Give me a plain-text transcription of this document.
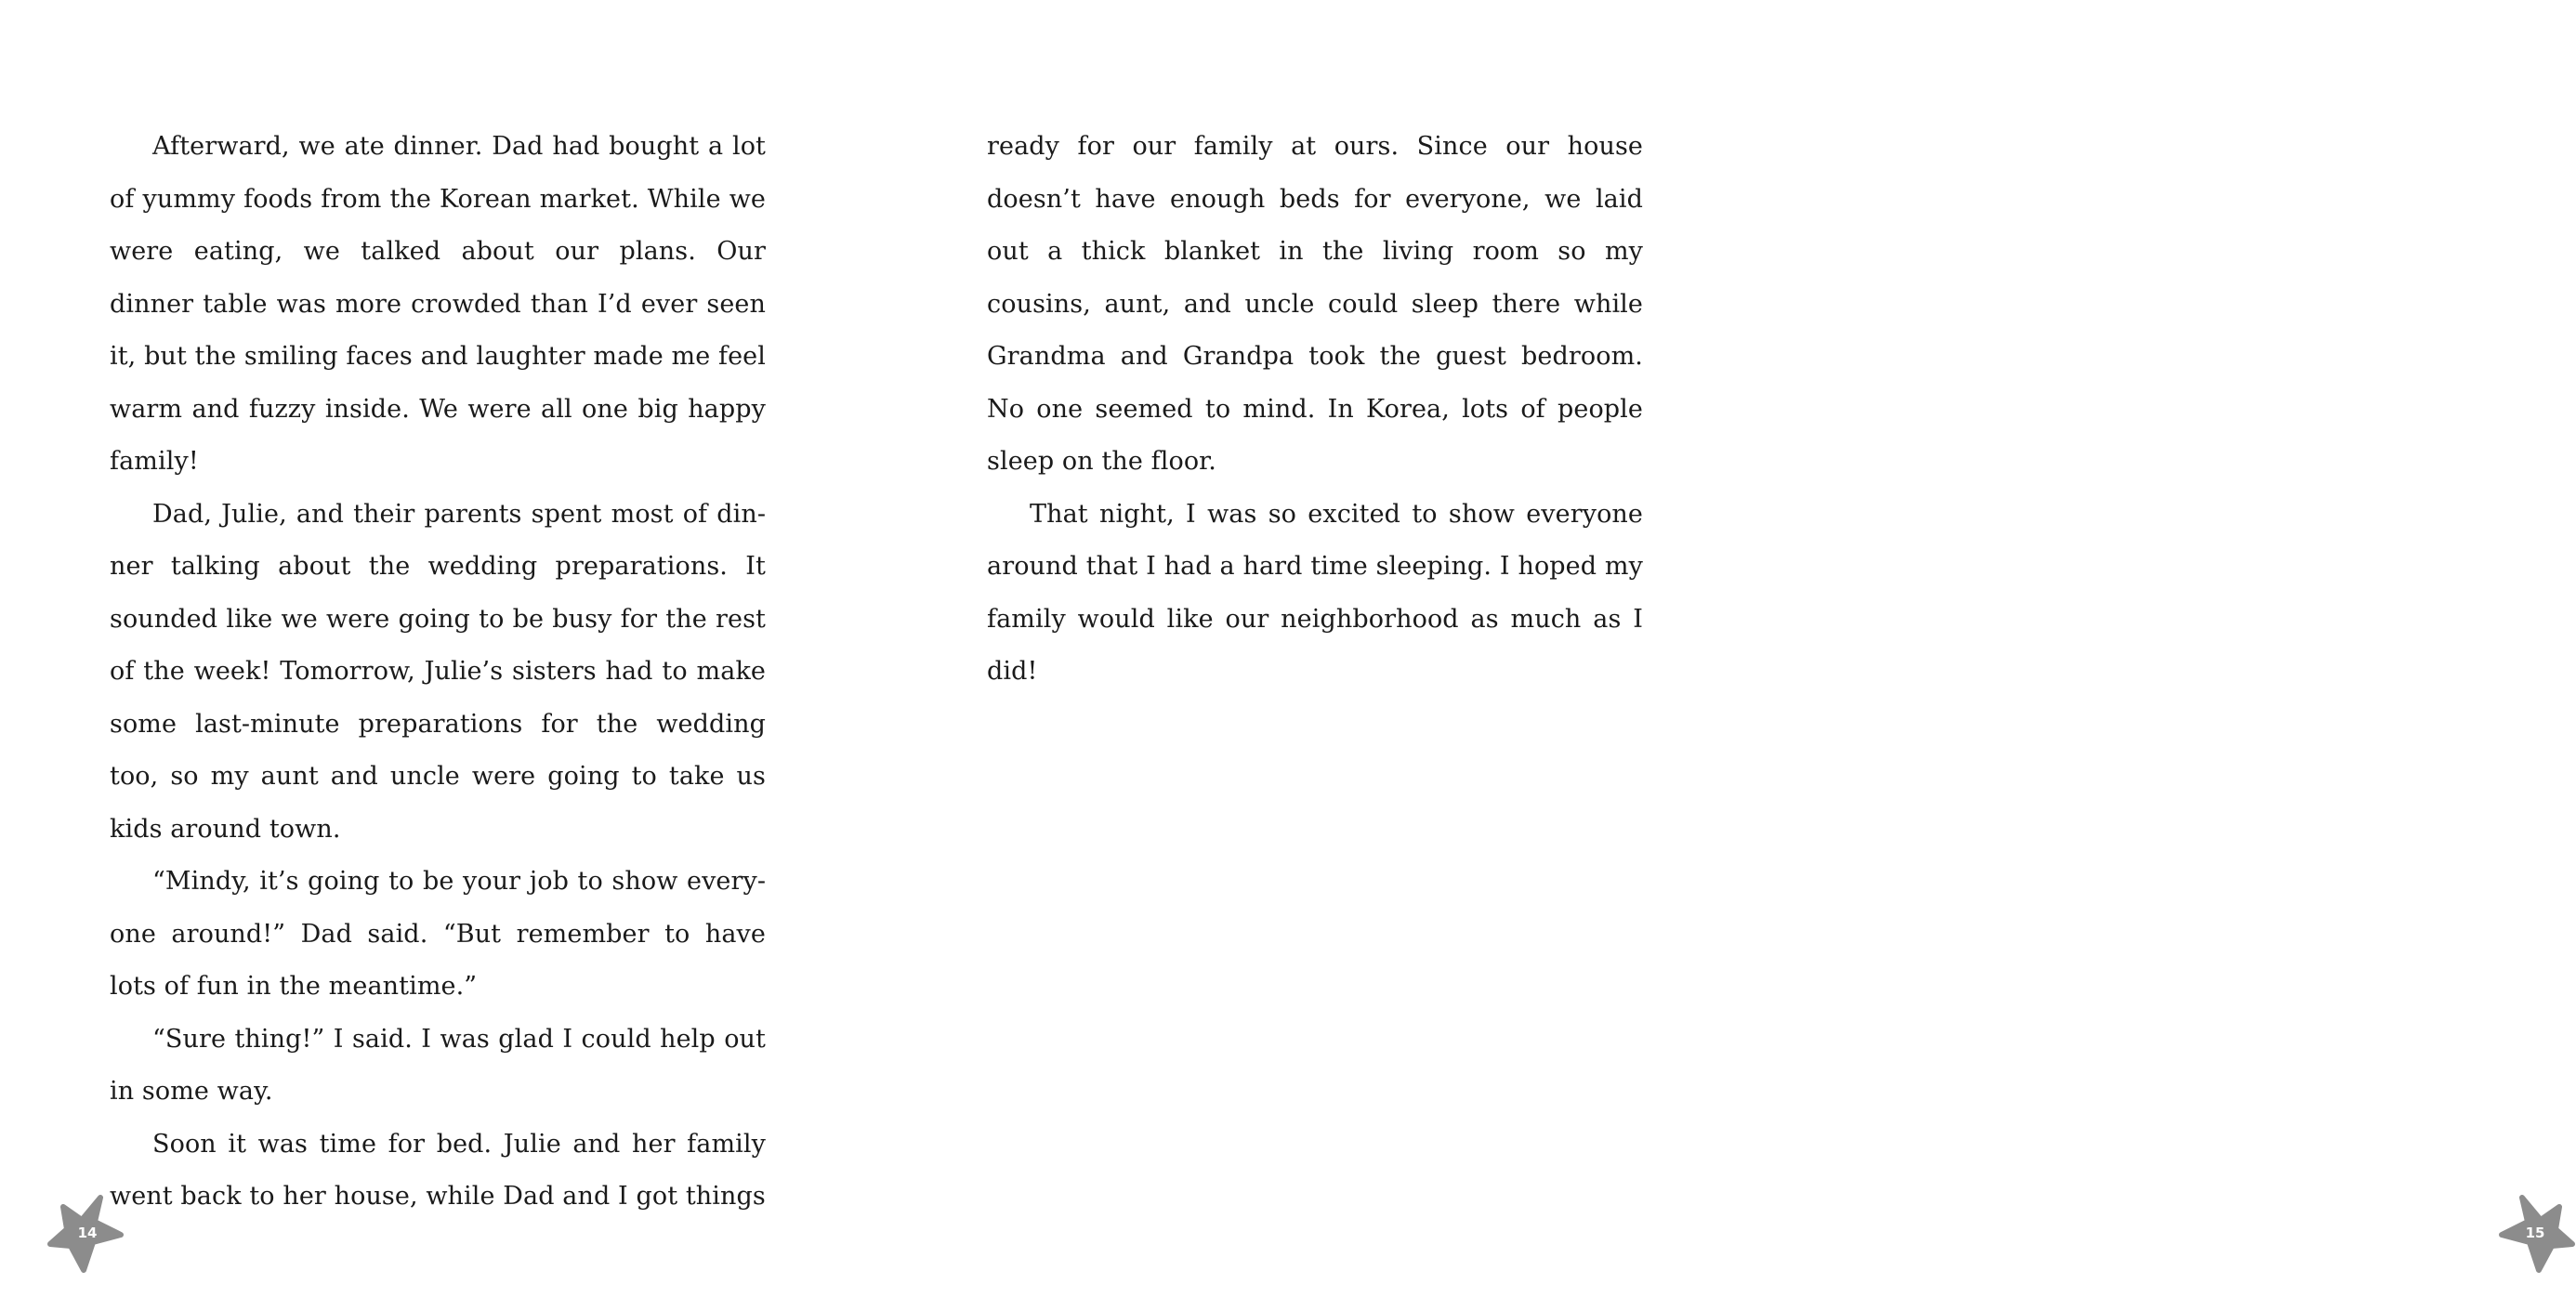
Afterward, we ate dinner. Dad had bought a lot of yummy foods from the Korean market. While we were eating, we talked about our plans. Our dinner table was more crowded than I’d ever seen it, but the smiling faces and laughter made me feel warm and fuzzy inside. We were all one big happy family!

Dad, Julie, and their parents spent most of dinner talking about the wedding preparations. It sounded like we were going to be busy for the rest of the week! Tomorrow, Julie’s sisters had to make some last-minute preparations for the wedding too, so my aunt and uncle were going to take us kids around town.

“Mindy, it’s going to be your job to show everyone around!” Dad said. “But remember to have lots of fun in the meantime.”

“Sure thing!” I said. I was glad I could help out in some way.

Soon it was time for bed. Julie and her family went back to her house, while Dad and I got things

14

ready for our family at ours. Since our house doesn’t have enough beds for everyone, we laid out a thick blanket in the living room so my cousins, aunt, and uncle could sleep there while Grandma and Grandpa took the guest bedroom. No one seemed to mind. In Korea, lots of people sleep on the floor.

That night, I was so excited to show everyone around that I had a hard time sleeping. I hoped my family would like our neighborhood as much as I did!

15
